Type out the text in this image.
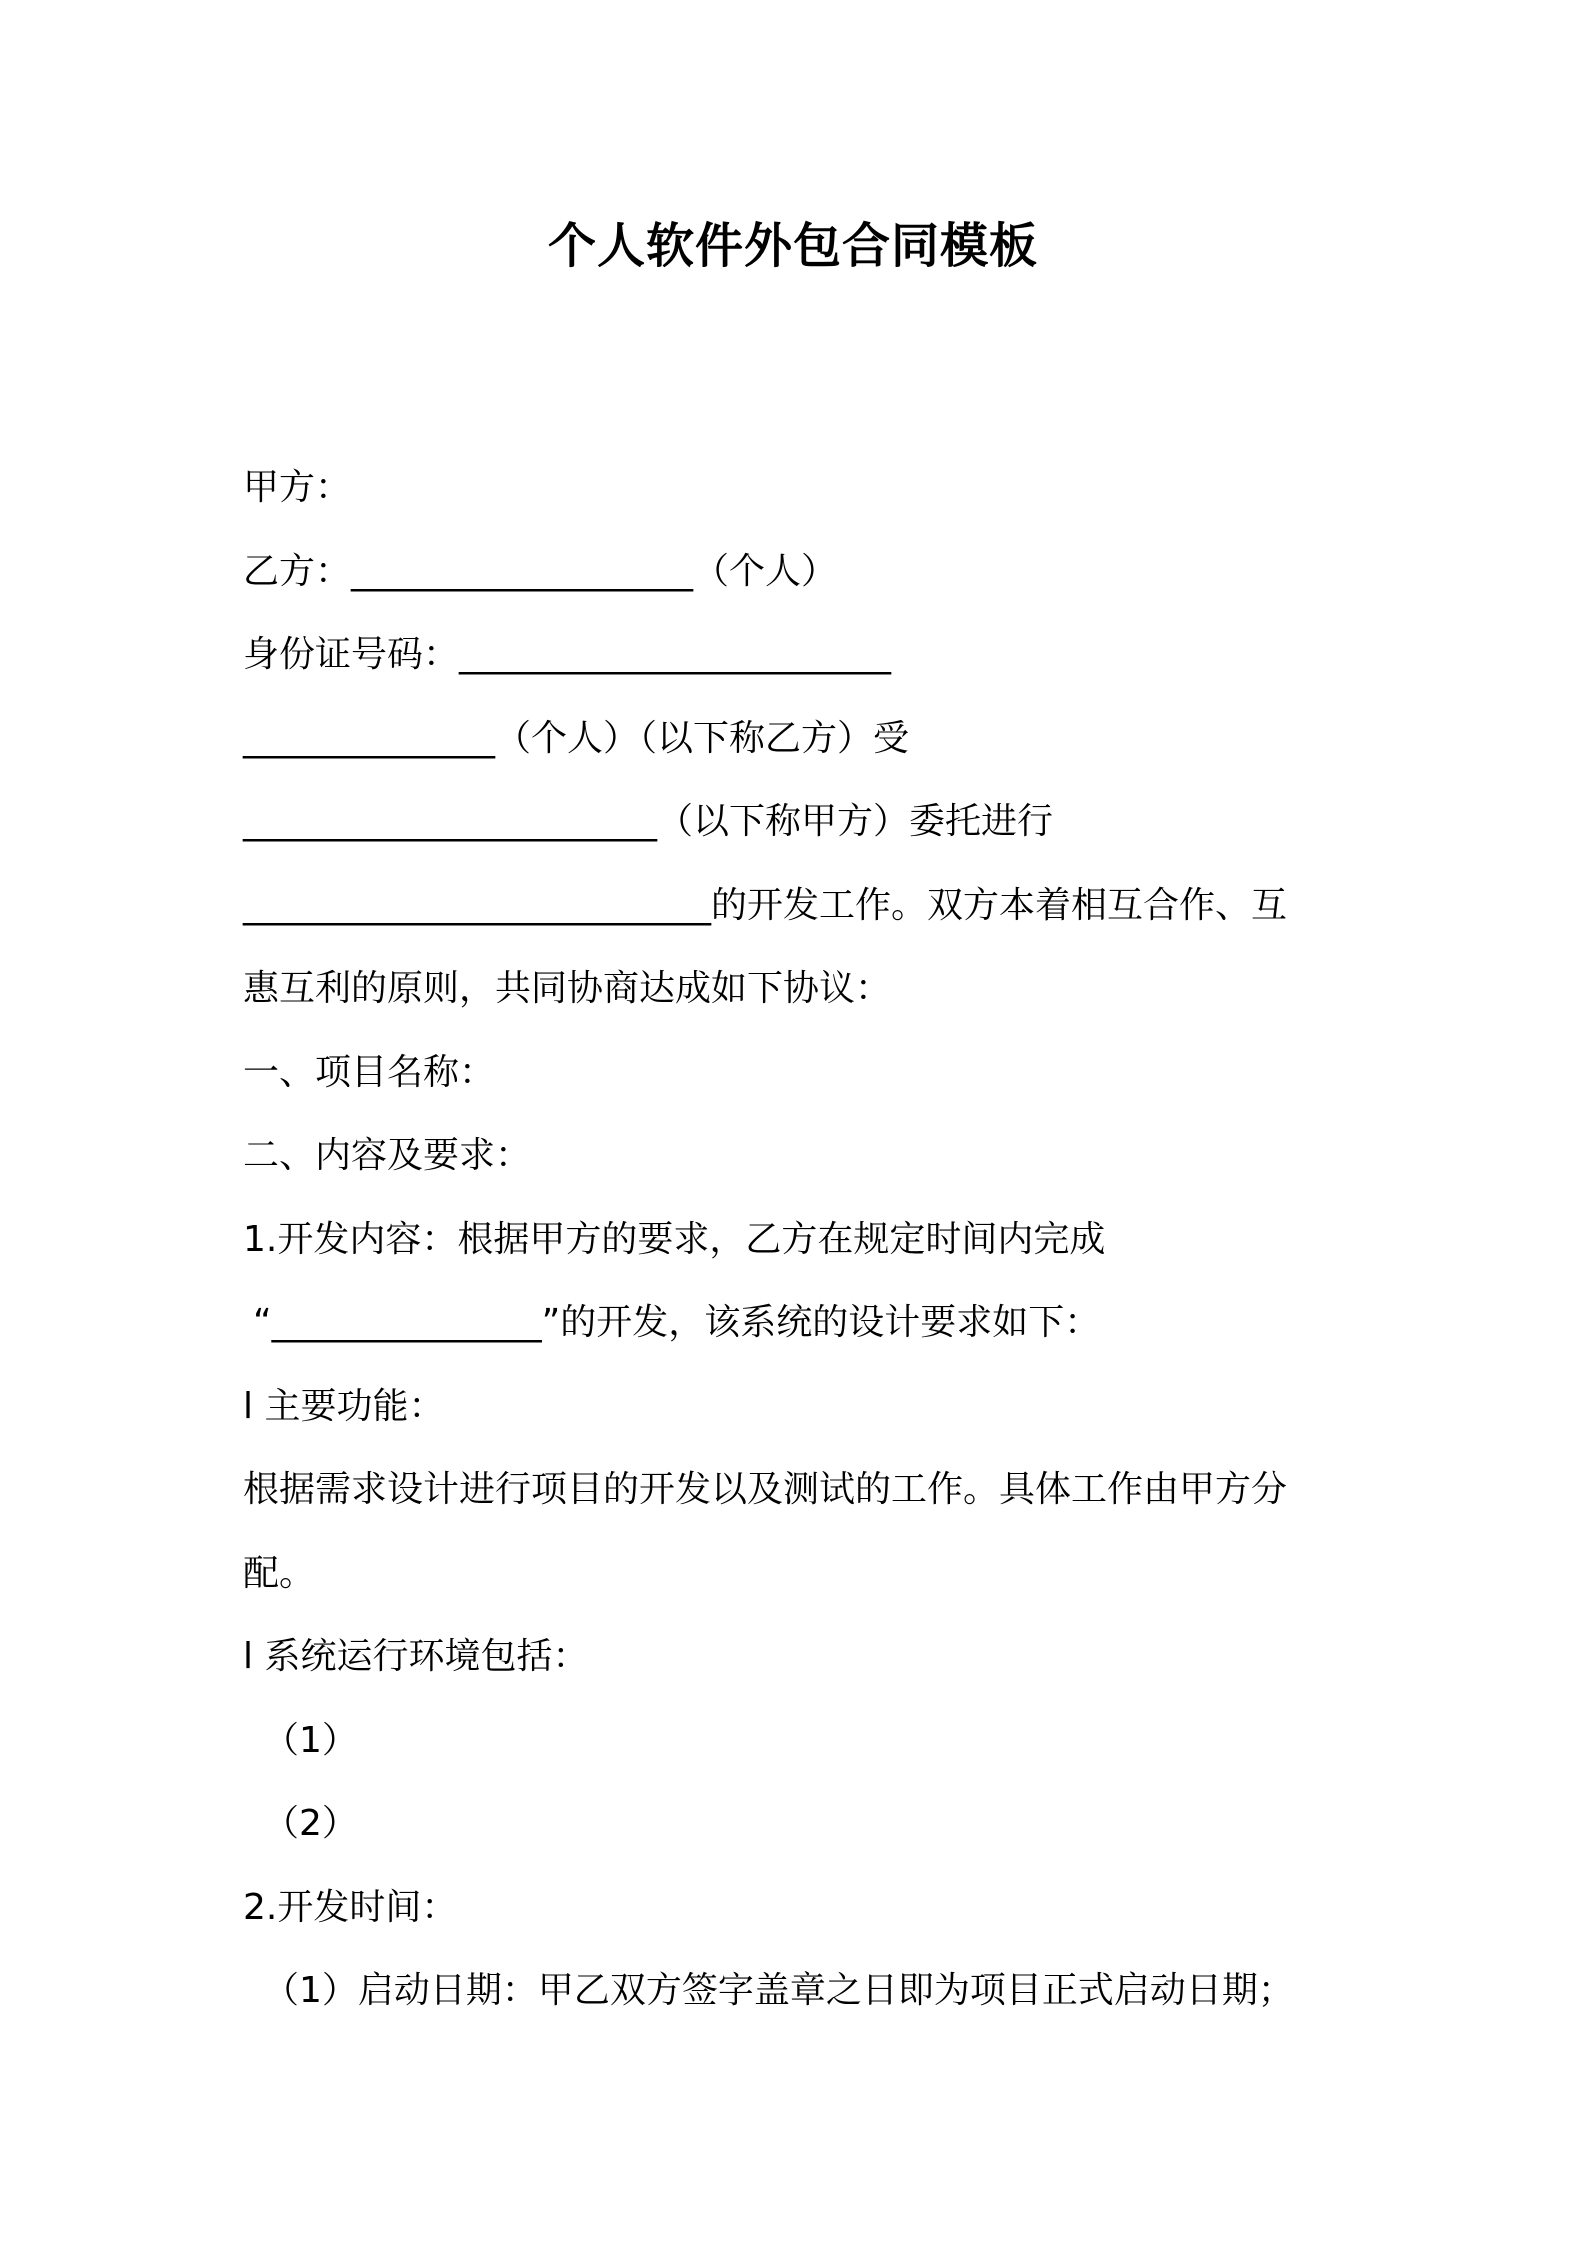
个人软件外包合同模板
甲方：
乙方：___________________（个人）
身份证号码：________________________
______________（个人）（以下称乙方）受
_______________________（以下称甲方）委托进行
__________________________的开发工作。双方本着相互合作、互
惠互利的原则，共同协商达成如下协议：
一、项目名称：
二、内容及要求：
1.开发内容：根据甲方的要求，乙方在规定时间内完成
“_______________”的开发，该系统的设计要求如下：
l 主要功能：
根据需求设计进行项目的开发以及测试的工作。具体工作由甲方分
配。
l 系统运行环境包括：
（1）
（2）
2.开发时间：
（1）启动日期：甲乙双方签字盖章之日即为项目正式启动日期；
